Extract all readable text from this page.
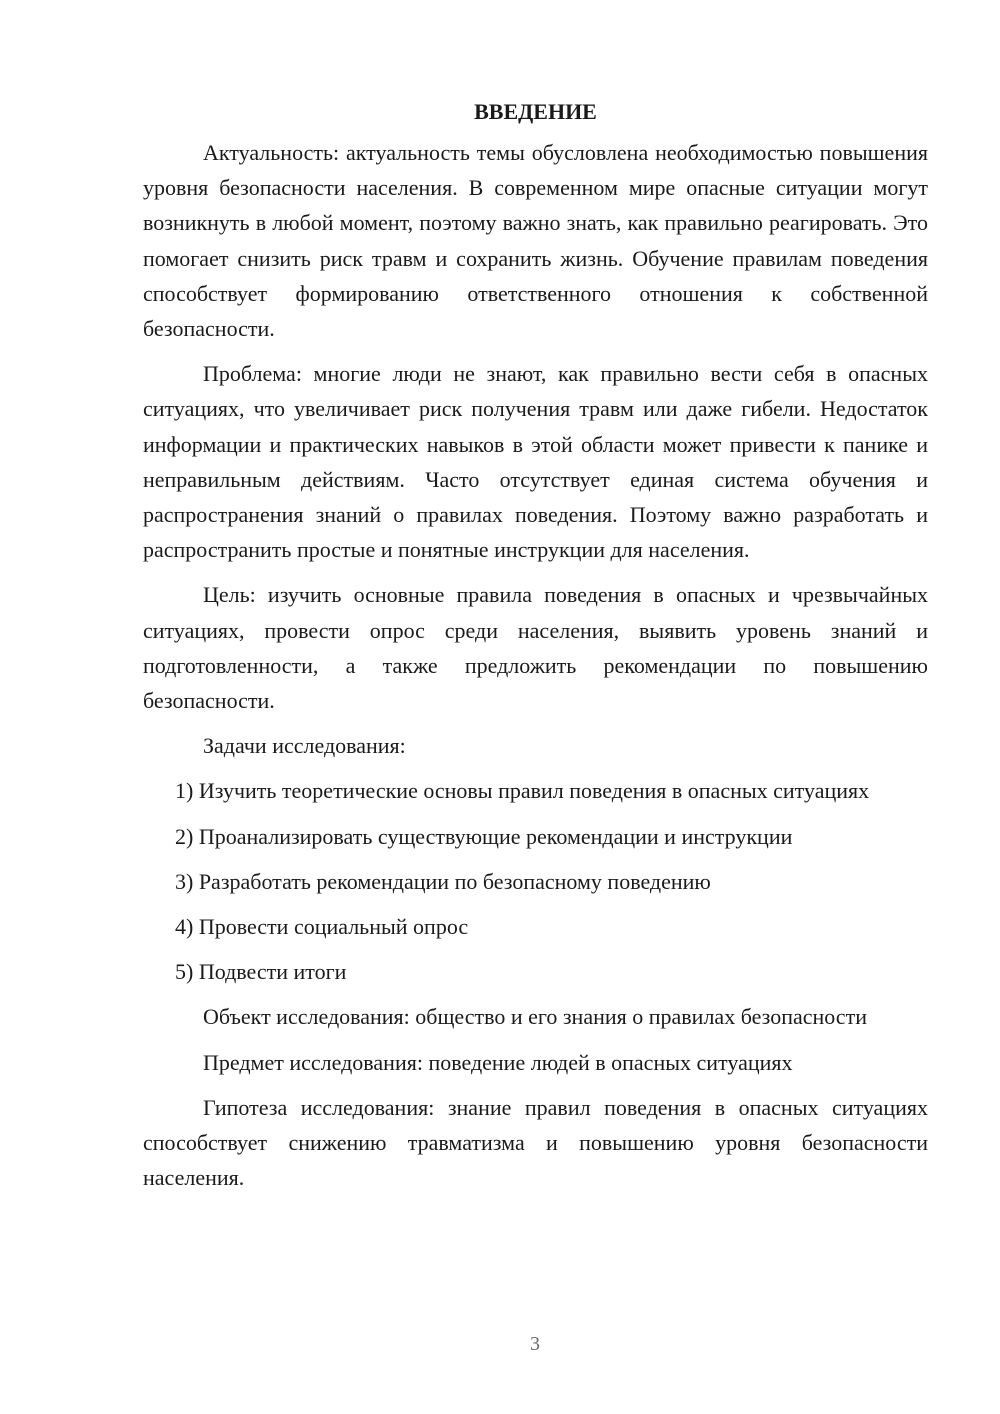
ВВЕДЕНИЕ

Актуальность: актуальность темы обусловлена необходимостью повышения уровня безопасности населения. В современном мире опасные ситуации могут возникнуть в любой момент, поэтому важно знать, как правильно реагировать. Это помогает снизить риск травм и сохранить жизнь. Обучение правилам поведения способствует формированию ответственного отношения к собственной безопасности.

Проблема: многие люди не знают, как правильно вести себя в опасных ситуациях, что увеличивает риск получения травм или даже гибели. Недостаток информации и практических навыков в этой области может привести к панике и неправильным действиям. Часто отсутствует единая система обучения и распространения знаний о правилах поведения. Поэтому важно разработать и распространить простые и понятные инструкции для населения.

Цель: изучить основные правила поведения в опасных и чрезвычайных ситуациях, провести опрос среди населения, выявить уровень знаний и подготовленности, а также предложить рекомендации по повышению безопасности.

Задачи исследования:

1) Изучить теоретические основы правил поведения в опасных ситуациях

2) Проанализировать существующие рекомендации и инструкции

3) Разработать рекомендации по безопасному поведению

4) Провести социальный опрос

5) Подвести итоги

Объект исследования: общество и его знания о правилах безопасности

Предмет исследования: поведение людей в опасных ситуациях

Гипотеза исследования: знание правил поведения в опасных ситуациях способствует снижению травматизма и повышению уровня безопасности населения.

3
